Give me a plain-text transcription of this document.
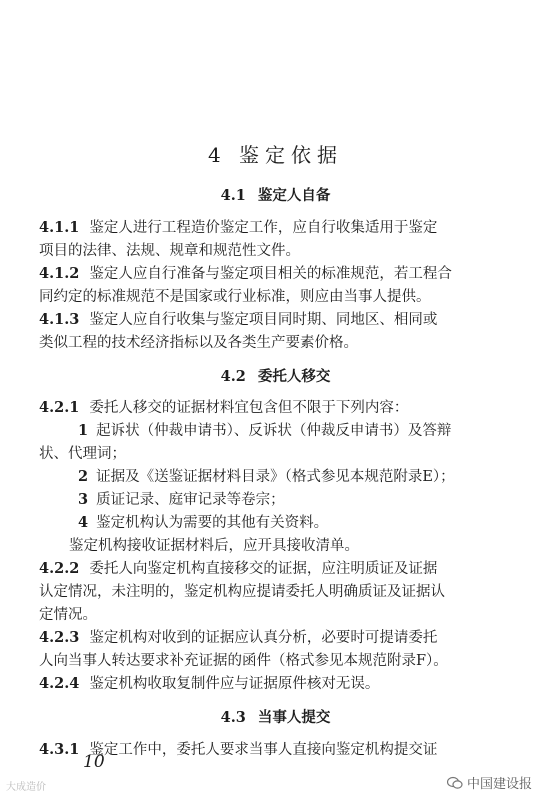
4 鉴定依据
4.1 鉴定人自备
4.1.1 鉴定人进行工程造价鉴定工作，应自行收集适用于鉴定
项目的法律、法规、规章和规范性文件。
4.1.2 鉴定人应自行准备与鉴定项目相关的标准规范，若工程合
同约定的标准规范不是国家或行业标准，则应由当事人提供。
4.1.3 鉴定人应自行收集与鉴定项目同时期、同地区、相同或
类似工程的技术经济指标以及各类生产要素价格。
4.2 委托人移交
4.2.1 委托人移交的证据材料宜包含但不限于下列内容：
1 起诉状（仲裁申请书）、反诉状（仲裁反申请书）及答辩
状、代理词；
2 证据及《送鉴证据材料目录》（格式参见本规范附录E）；
3 质证记录、庭审记录等卷宗；
4 鉴定机构认为需要的其他有关资料。
鉴定机构接收证据材料后，应开具接收清单。
4.2.2 委托人向鉴定机构直接移交的证据，应注明质证及证据
认定情况，未注明的，鉴定机构应提请委托人明确质证及证据认
定情况。
4.2.3 鉴定机构对收到的证据应认真分析，必要时可提请委托
人向当事人转达要求补充证据的函件（格式参见本规范附录F）。
4.2.4 鉴定机构收取复制件应与证据原件核对无误。
4.3 当事人提交
4.3.1 鉴定工作中，委托人要求当事人直接向鉴定机构提交证
10
大成造价	中国建设报
